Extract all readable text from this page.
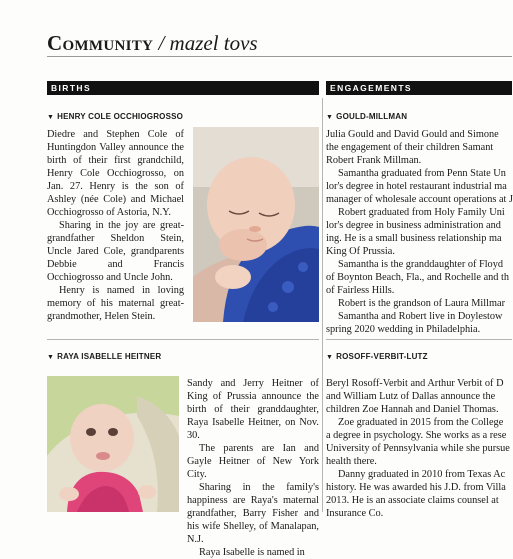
Community / mazel tovs
BIRTHS	ENGAGEMENTS
▼ HENRY COLE OCCHIOGROSSO

Diedre and Stephen Cole of Huntingdon Valley announce the birth of their first grandchild, Henry Cole Occhiogrosso, on Jan. 27. Henry is the son of Ashley (née Cole) and Michael Occhiogrosso of Astoria, N.Y.

Sharing in the joy are great-grandfather Sheldon Stein, Uncle Jared Cole, grandparents Debbie and Francis Occhiogrosso and Uncle John.

Henry is named in loving memory of his maternal great-grandmother, Helen Stein.

▼ RAYA ISABELLE HEITNER

Sandy and Jerry Heitner of King of Prussia announce the birth of their granddaughter, Raya Isabelle Heitner, on Nov. 30.

The parents are Ian and Gayle Heitner of New York City.

Sharing in the family's happiness are Raya's maternal grandfather, Barry Fisher and his wife Shelley, of Manalapan, N.J.

Raya Isabelle is named in

▼ GOULD-MILLMAN

Julia Gould and David Gould and Simone

the engagement of their children Samant

Robert Frank Millman.

Samantha graduated from Penn State Un

lor's degree in hotel restaurant industrial ma

manager of wholesale account operations at J

Robert graduated from Holy Family Uni

lor's degree in business administration and

ing. He is a small business relationship ma

King Of Prussia.

Samantha is the granddaughter of Floyd

of Boynton Beach, Fla., and Rochelle and th

of Fairless Hills.

Robert is the grandson of Laura Millmar

Samantha and Robert live in Doylestow

spring 2020 wedding in Philadelphia.

▼ ROSOFF-VERBIT-LUTZ

Beryl Rosoff-Verbit and Arthur Verbit of D

and William Lutz of Dallas announce the

children Zoe Hannah and Daniel Thomas.

Zoe graduated in 2015 from the College

a degree in psychology. She works as a rese

University of Pennsylvania while she pursue

health there.

Danny graduated in 2010 from Texas Ac

history. He was awarded his J.D. from Villa

2013. He is an associate claims counsel at

Insurance Co.
